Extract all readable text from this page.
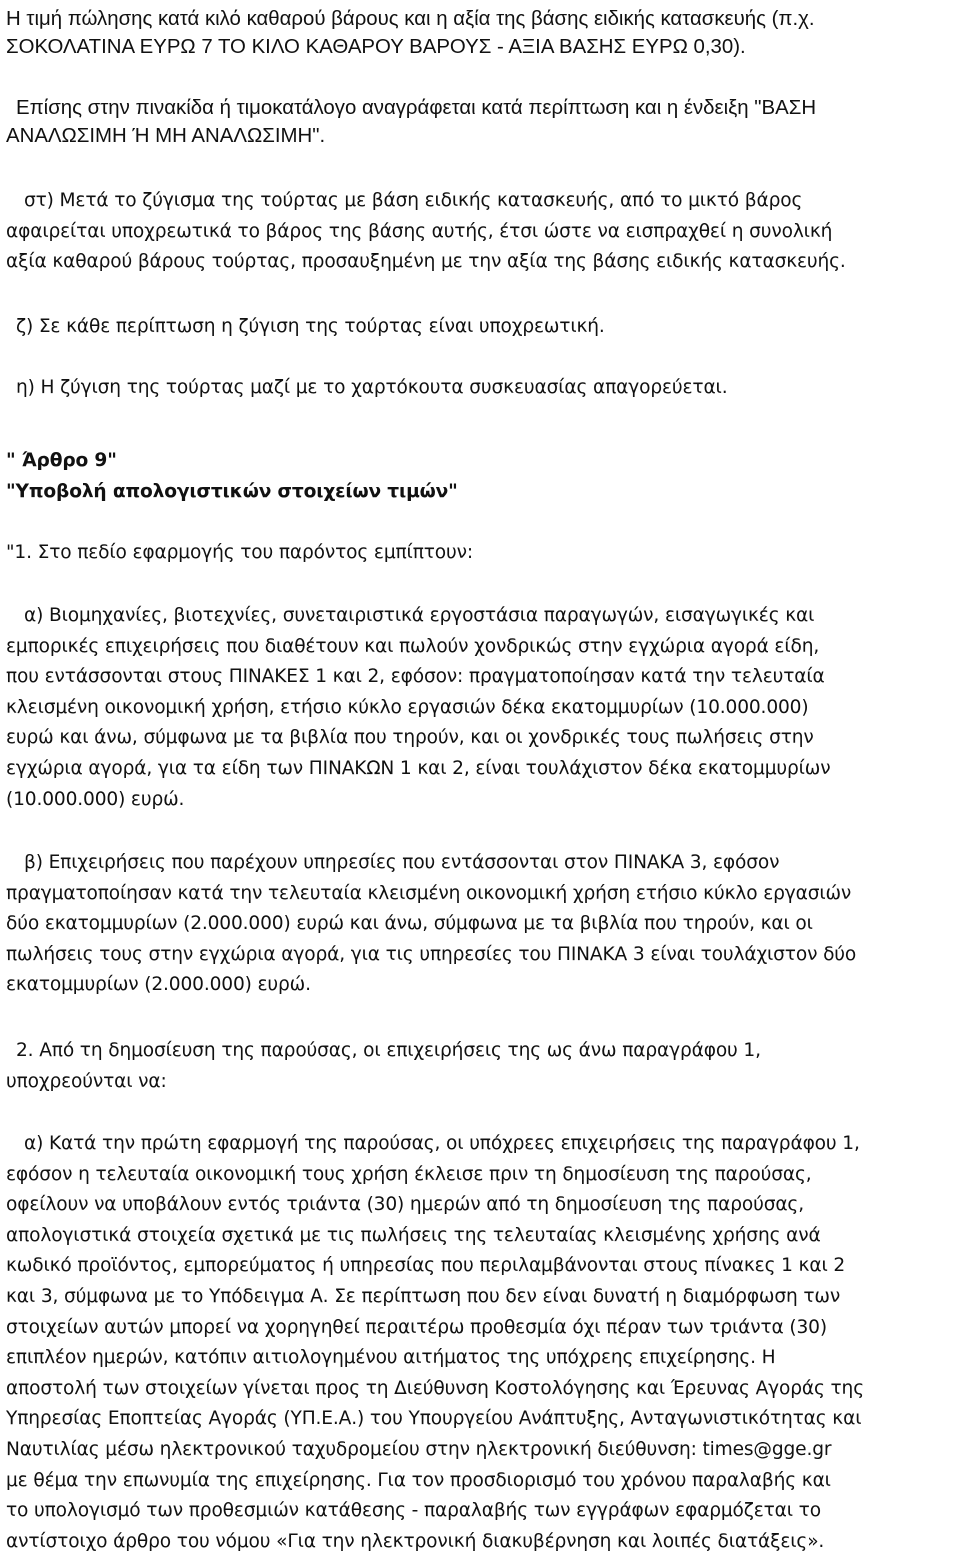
Η τιμή πώλησης κατά κιλό καθαρού βάρους και η αξία της βάσης ειδικής κατασκευής (π.χ.
ΣΟΚΟΛΑΤΙΝΑ ΕΥΡΩ 7 ΤΟ ΚΙΛΟ ΚΑΘΑΡΟΥ ΒΑΡΟΥΣ - ΑΞΙΑ ΒΑΣΗΣ ΕΥΡΩ 0,30).
Επίσης στην πινακίδα ή τιμοκατάλογο αναγράφεται κατά περίπτωση και η ένδειξη "ΒΑΣΗ
ΑΝΑΛΩΣΙΜΗ Ή ΜΗ ΑΝΑΛΩΣΙΜΗ".
στ) Μετά το ζύγισμα της τούρτας με βάση ειδικής κατασκευής, από το μικτό βάρος
αφαιρείται υποχρεωτικά το βάρος της βάσης αυτής, έτσι ώστε να εισπραχθεί η συνολική
αξία καθαρού βάρους τούρτας, προσαυξημένη με την αξία της βάσης ειδικής κατασκευής.
ζ) Σε κάθε περίπτωση η ζύγιση της τούρτας είναι υποχρεωτική.
η) Η ζύγιση της τούρτας μαζί με το χαρτόκουτα συσκευασίας απαγορεύεται.
" Άρθρο 9"
"Υποβολή απολογιστικών στοιχείων τιμών"
"1. Στο πεδίο εφαρμογής του παρόντος εμπίπτουν:
α) Βιομηχανίες, βιοτεχνίες, συνεταιριστικά εργοστάσια παραγωγών, εισαγωγικές και
εμπορικές επιχειρήσεις που διαθέτουν και πωλούν χονδρικώς στην εγχώρια αγορά είδη,
που εντάσσονται στους ΠΙΝΑΚΕΣ 1 και 2, εφόσον: πραγματοποίησαν κατά την τελευταία
κλεισμένη οικονομική χρήση, ετήσιο κύκλο εργασιών δέκα εκατομμυρίων (10.000.000)
ευρώ και άνω, σύμφωνα με τα βιβλία που τηρούν, και οι χονδρικές τους πωλήσεις στην
εγχώρια αγορά, για τα είδη των ΠΙΝΑΚΩΝ 1 και 2, είναι τουλάχιστον δέκα εκατομμυρίων
(10.000.000) ευρώ.
β) Επιχειρήσεις που παρέχουν υπηρεσίες που εντάσσονται στον ΠΙΝΑΚΑ 3, εφόσον
πραγματοποίησαν κατά την τελευταία κλεισμένη οικονομική χρήση ετήσιο κύκλο εργασιών
δύο εκατομμυρίων (2.000.000) ευρώ και άνω, σύμφωνα με τα βιβλία που τηρούν, και οι
πωλήσεις τους στην εγχώρια αγορά, για τις υπηρεσίες του ΠΙΝΑΚΑ 3 είναι τουλάχιστον δύο
εκατομμυρίων (2.000.000) ευρώ.
2. Από τη δημοσίευση της παρούσας, οι επιχειρήσεις της ως άνω παραγράφου 1,
υποχρεούνται να:
α) Κατά την πρώτη εφαρμογή της παρούσας, οι υπόχρεες επιχειρήσεις της παραγράφου 1,
εφόσον η τελευταία οικονομική τους χρήση έκλεισε πριν τη δημοσίευση της παρούσας,
οφείλουν να υποβάλουν εντός τριάντα (30) ημερών από τη δημοσίευση της παρούσας,
απολογιστικά στοιχεία σχετικά με τις πωλήσεις της τελευταίας κλεισμένης χρήσης ανά
κωδικό προϊόντος, εμπορεύματος ή υπηρεσίας που περιλαμβάνονται στους πίνακες 1 και 2
και 3, σύμφωνα με το Υπόδειγμα Α. Σε περίπτωση που δεν είναι δυνατή η διαμόρφωση των
στοιχείων αυτών μπορεί να χορηγηθεί περαιτέρω προθεσμία όχι πέραν των τριάντα (30)
επιπλέον ημερών, κατόπιν αιτιολογημένου αιτήματος της υπόχρεης επιχείρησης. Η
αποστολή των στοιχείων γίνεται προς τη Διεύθυνση Κοστολόγησης και Έρευνας Αγοράς της
Υπηρεσίας Εποπτείας Αγοράς (ΥΠ.Ε.Α.) του Υπουργείου Ανάπτυξης, Ανταγωνιστικότητας και
Ναυτιλίας μέσω ηλεκτρονικού ταχυδρομείου στην ηλεκτρονική διεύθυνση: times@gge.gr
με θέμα την επωνυμία της επιχείρησης. Για τον προσδιορισμό του χρόνου παραλαβής και
το υπολογισμό των προθεσμιών κατάθεσης - παραλαβής των εγγράφων εφαρμόζεται το
αντίστοιχο άρθρο του νόμου «Για την ηλεκτρονική διακυβέρνηση και λοιπές διατάξεις».
